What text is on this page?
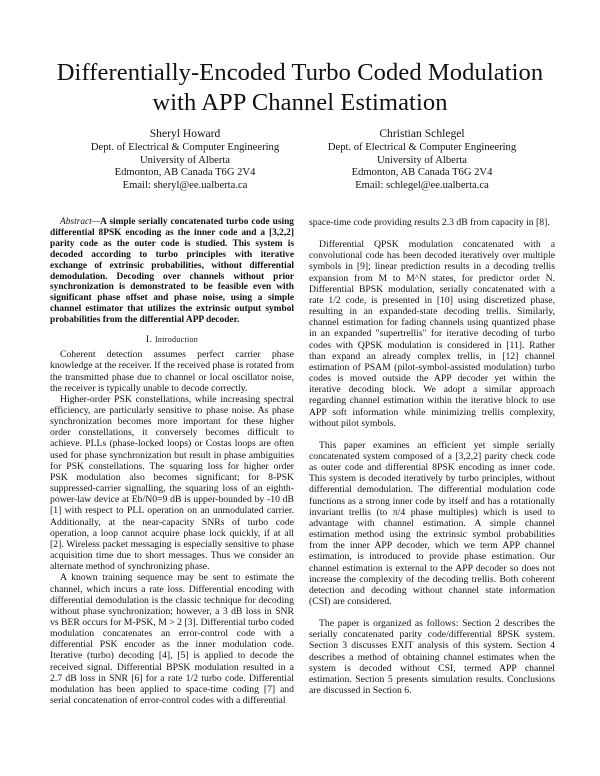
Differentially-Encoded Turbo Coded Modulation
with APP Channel Estimation
Sheryl Howard
Dept. of Electrical & Computer Engineering
University of Alberta
Edmonton, AB Canada T6G 2V4
Email: sheryl@ee.ualberta.ca
Christian Schlegel
Dept. of Electrical & Computer Engineering
University of Alberta
Edmonton, AB Canada T6G 2V4
Email: schlegel@ee.ualberta.ca

Abstract—A simple serially concatenated turbo code using differential 8PSK encoding as the inner code and a [3,2,2] parity code as the outer code is studied. This system is decoded according to turbo principles with iterative exchange of extrinsic probabilities, without differential demodulation. Decoding over channels without prior synchronization is demonstrated to be feasible even with significant phase offset and phase noise, using a simple channel estimator that utilizes the extrinsic output symbol probabilities from the differential APP decoder.

I. Introduction

Coherent detection assumes perfect carrier phase knowledge at the receiver. If the received phase is rotated from the transmitted phase due to channel or local oscillator noise, the receiver is typically unable to decode correctly.

Higher-order PSK constellations, while increasing spectral efficiency, are particularly sensitive to phase noise. As phase synchronization becomes more important for these higher order constellations, it conversely becomes difficult to achieve. PLLs (phase-locked loops) or Costas loops are often used for phase synchronization but result in phase ambiguities for PSK constellations. The squaring loss for higher order PSK modulation also becomes significant; for 8-PSK suppressed-carrier signalling, the squaring loss of an eighth-power-law device at Eb/N0=9 dB is upper-bounded by -10 dB [1] with respect to PLL operation on an unmodulated carrier. Additionally, at the near-capacity SNRs of turbo code operation, a loop cannot acquire phase lock quickly, if at all [2]. Wireless packet messaging is especially sensitive to phase acquisition time due to short messages. Thus we consider an alternate method of synchronizing phase.

A known training sequence may be sent to estimate the channel, which incurs a rate loss. Differential encoding with differential demodulation is the classic technique for decoding without phase synchronization; however, a 3 dB loss in SNR vs BER occurs for M-PSK, M > 2 [3]. Differential turbo coded modulation concatenates an error-control code with a differential PSK encoder as the inner modulation code. Iterative (turbo) decoding [4], [5] is applied to decode the received signal. Differential BPSK modulation resulted in a 2.7 dB loss in SNR [6] for a rate 1/2 turbo code. Differential modulation has been applied to space-time coding [7] and serial concatenation of error-control codes with a differential

space-time code providing results 2.3 dB from capacity in [8].

Differential QPSK modulation concatenated with a convolutional code has been decoded iteratively over multiple symbols in [9]; linear prediction results in a decoding trellis expansion from M to M^N states, for predictor order N. Differential BPSK modulation, serially concatenated with a rate 1/2 code, is presented in [10] using discretized phase, resulting in an expanded-state decoding trellis. Similarly, channel estimation for fading channels using quantized phase in an expanded "supertrellis" for iterative decoding of turbo codes with QPSK modulation is considered in [11]. Rather than expand an already complex trellis, in [12] channel estimation of PSAM (pilot-symbol-assisted modulation) turbo codes is moved outside the APP decoder yet within the iterative decoding block. We adopt a similar approach regarding channel estimation within the iterative block to use APP soft information while minimizing trellis complexity, without pilot symbols.

This paper examines an efficient yet simple serially concatenated system composed of a [3,2,2] parity check code as outer code and differential 8PSK encoding as inner code. This system is decoded iteratively by turbo principles, without differential demodulation. The differential modulation code functions as a strong inner code by itself and has a rotationally invariant trellis (to π/4 phase multiples) which is used to advantage with channel estimation. A simple channel estimation method using the extrinsic symbol probabilities from the inner APP decoder, which we term APP channel estimation, is introduced to provide phase estimation. Our channel estimation is external to the APP decoder so does not increase the complexity of the decoding trellis. Both coherent detection and decoding without channel state information (CSI) are considered.

The paper is organized as follows: Section 2 describes the serially concatenated parity code/differential 8PSK system. Section 3 discusses EXIT analysis of this system. Section 4 describes a method of obtaining channel estimates when the system is decoded without CSI, termed APP channel estimation. Section 5 presents simulation results. Conclusions are discussed in Section 6.
